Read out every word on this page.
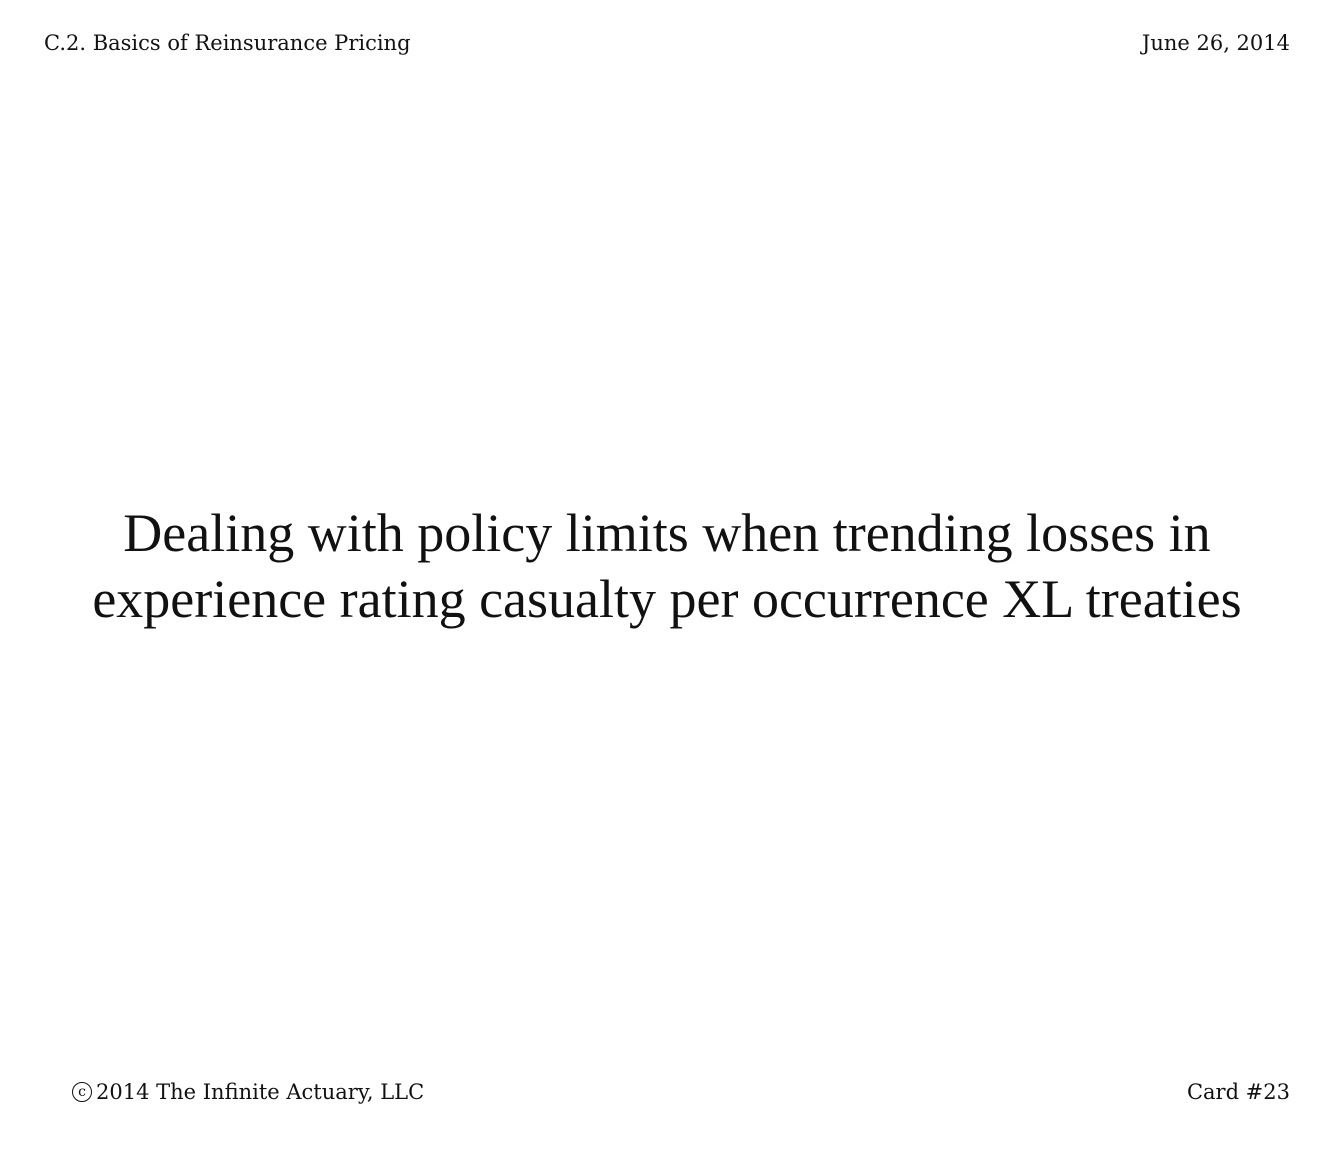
C.2. Basics of Reinsurance Pricing	June 26, 2014
Dealing with policy limits when trending losses in
experience rating casualty per occurrence XL treaties
c 2014 The Infinite Actuary, LLC	Card #23
